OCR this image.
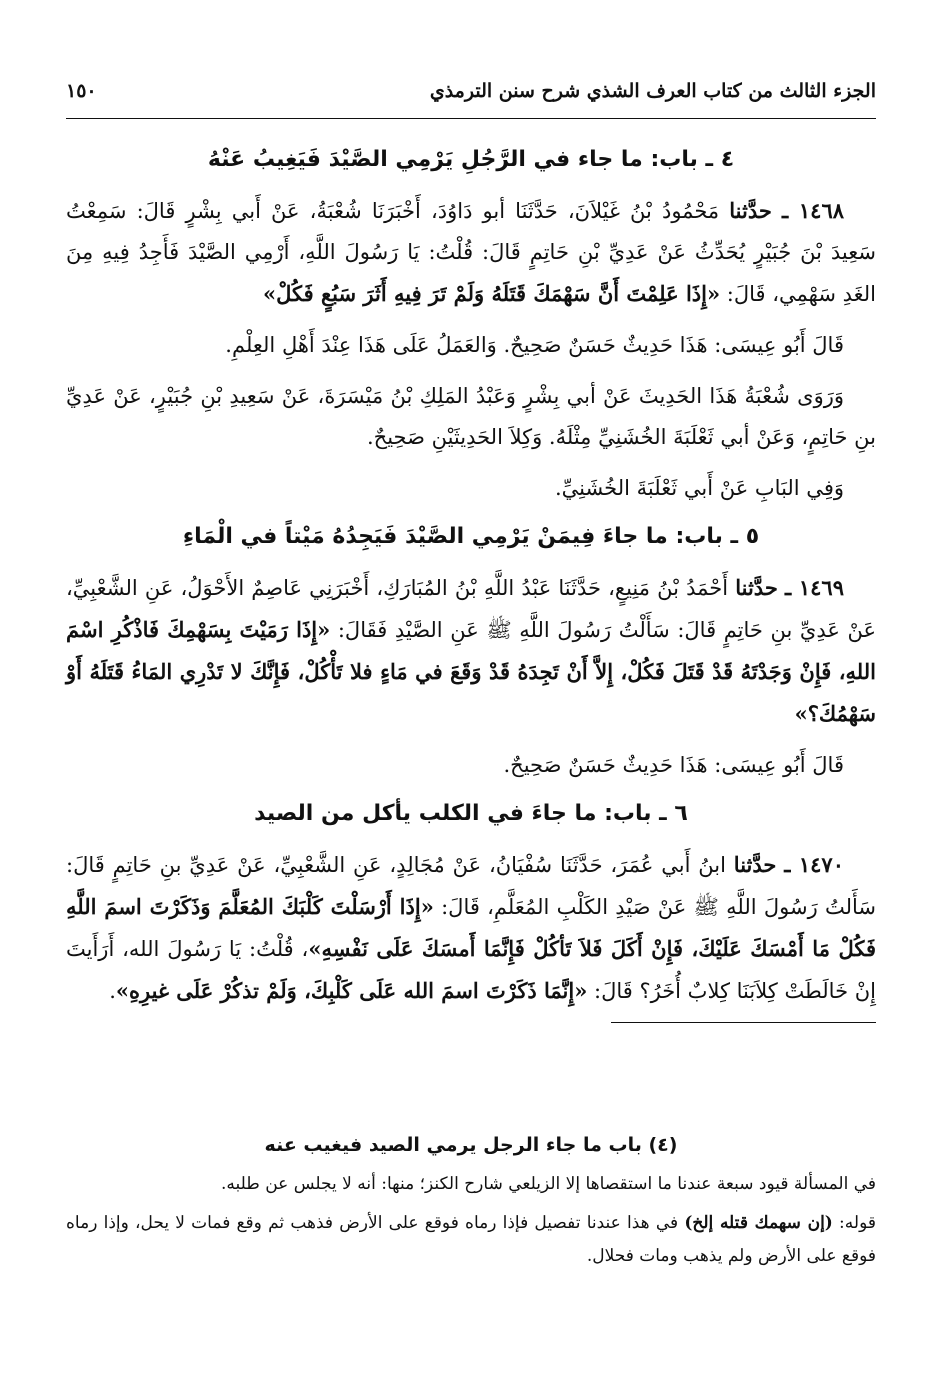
الجزء الثالث من كتاب العرف الشذي شرح سنن الترمذي
١٥٠
٤ ـ باب: ما جاء في الرَّجُلِ يَرْمِي الصَّيْدَ فَيَغِيبُ عَنْهُ

١٤٦٨ ـ حدَّثنا مَحْمُودُ بْنُ غَيْلاَنَ، حَدَّثَنَا أبو دَاوُدَ، أَخْبَرَنَا شُعْبَةُ، عَنْ أَبي بِشْرٍ قَالَ: سَمِعْتُ سَعِيدَ بْنَ جُبَيْرٍ يُحَدِّثُ عَنْ عَدِيِّ بْنِ حَاتِمٍ قَالَ: قُلْتُ: يَا رَسُولَ اللَّهِ، أَرْمِي الصَّيْدَ فَأَجِدُ فِيهِ مِنَ الغَدِ سَهْمِي، قَالَ: «إِذَا عَلِمْتَ أَنَّ سَهْمَكَ قَتَلَهُ وَلَمْ تَرَ فِيهِ أَثَرَ سَبُعٍ فَكُلْ»

قَالَ أَبُو عِيسَى: هَذَا حَدِيثٌ حَسَنٌ صَحِيحٌ. وَالعَمَلُ عَلَى هَذَا عِنْدَ أَهْلِ العِلْمِ.

وَرَوَى شُعْبَةُ هَذَا الحَدِيثَ عَنْ أبي بِشْرٍ وَعَبْدُ المَلِكِ بْنُ مَيْسَرَةَ، عَنْ سَعِيدِ بْنِ جُبَيْرٍ، عَنْ عَدِيِّ بنِ حَاتِمٍ، وَعَنْ أبي ثَعْلَبَةَ الخُشَنِيِّ مِثْلَهُ. وَكِلاَ الحَدِيثَيْنِ صَحِيحٌ.

وَفِي البَابِ عَنْ أَبي ثَعْلَبَةَ الخُشَنِيِّ.

٥ ـ باب: ما جاءَ فِيمَنْ يَرْمِي الصَّيْدَ فَيَجِدُهُ مَيْتاً في الْمَاءِ

١٤٦٩ ـ حدَّثنا أَحْمَدُ بْنُ مَنِيعٍ، حَدَّثَنَا عَبْدُ اللَّهِ بْنُ المُبَارَكِ، أَخْبَرَنِي عَاصِمٌ الأَحْوَلُ، عَنِ الشَّعْبِيِّ، عَنْ عَدِيِّ بنِ حَاتِمٍ قَالَ: سَأَلْتُ رَسُولَ اللَّهِ ﷺ عَنِ الصَّيْدِ فَقَالَ: «إِذَا رَمَيْتَ بِسَهْمِكَ فَاذْكُرِ اسْمَ اللهِ، فَإِنْ وَجَدْتَهُ قَدْ قَتَلَ فَكُلْ، إِلاَّ أَنْ تَجِدَهُ قَدْ وَقَعَ في مَاءٍ فلا تَأْكُلْ، فَإِنَّكَ لا تَدْرِي المَاءُ قَتَلَهُ أَوْ سَهْمُكَ؟»

قَالَ أَبُو عِيسَى: هَذَا حَدِيثٌ حَسَنٌ صَحِيحٌ.

٦ ـ باب: ما جاءَ في الكلب يأكل من الصيد

١٤٧٠ ـ حدَّثنا ابنُ أَبي عُمَرَ، حَدَّثَنَا سُفْيَانُ، عَنْ مُجَالِدٍ، عَنِ الشَّعْبِيِّ، عَنْ عَدِيِّ بنِ حَاتِمٍ قَالَ: سَأَلتُ رَسُولَ اللَّهِ ﷺ عَنْ صَيْدِ الكَلْبِ المُعَلَّمِ، قَالَ: «إِذَا أَرْسَلْتَ كَلْبَكَ المُعَلَّمَ وَذَكَرْتَ اسمَ اللَّهِ فَكُلْ مَا أَمْسَكَ عَلَيْكَ، فَإِنْ أَكَلَ فَلاَ تَأكُلْ فَإِنَّمَا أَمسَكَ عَلَى نَفْسِهِ»، قُلْتُ: يَا رَسُولَ الله، أَرَأَيتَ إِنْ خَالَطَتْ كِلاَبَنَا كِلابٌ أُخَرُ؟ قَالَ: «إِنَّمَا ذَكَرْتَ اسمَ الله عَلَى كَلْبِكَ، وَلَمْ تذكُرْ عَلَى غيرِهِ».

(٤) باب ما جاء الرجل يرمي الصيد فيغيب عنه

في المسألة قيود سبعة عندنا ما استقصاها إلا الزيلعي شارح الكنز؛ منها: أنه لا يجلس عن طلبه.

قوله: (إن سهمك قتله إلخ) في هذا عندنا تفصيل فإذا رماه فوقع على الأرض فذهب ثم وقع فمات لا يحل، وإذا رماه فوقع على الأرض ولم يذهب ومات فحلال.
